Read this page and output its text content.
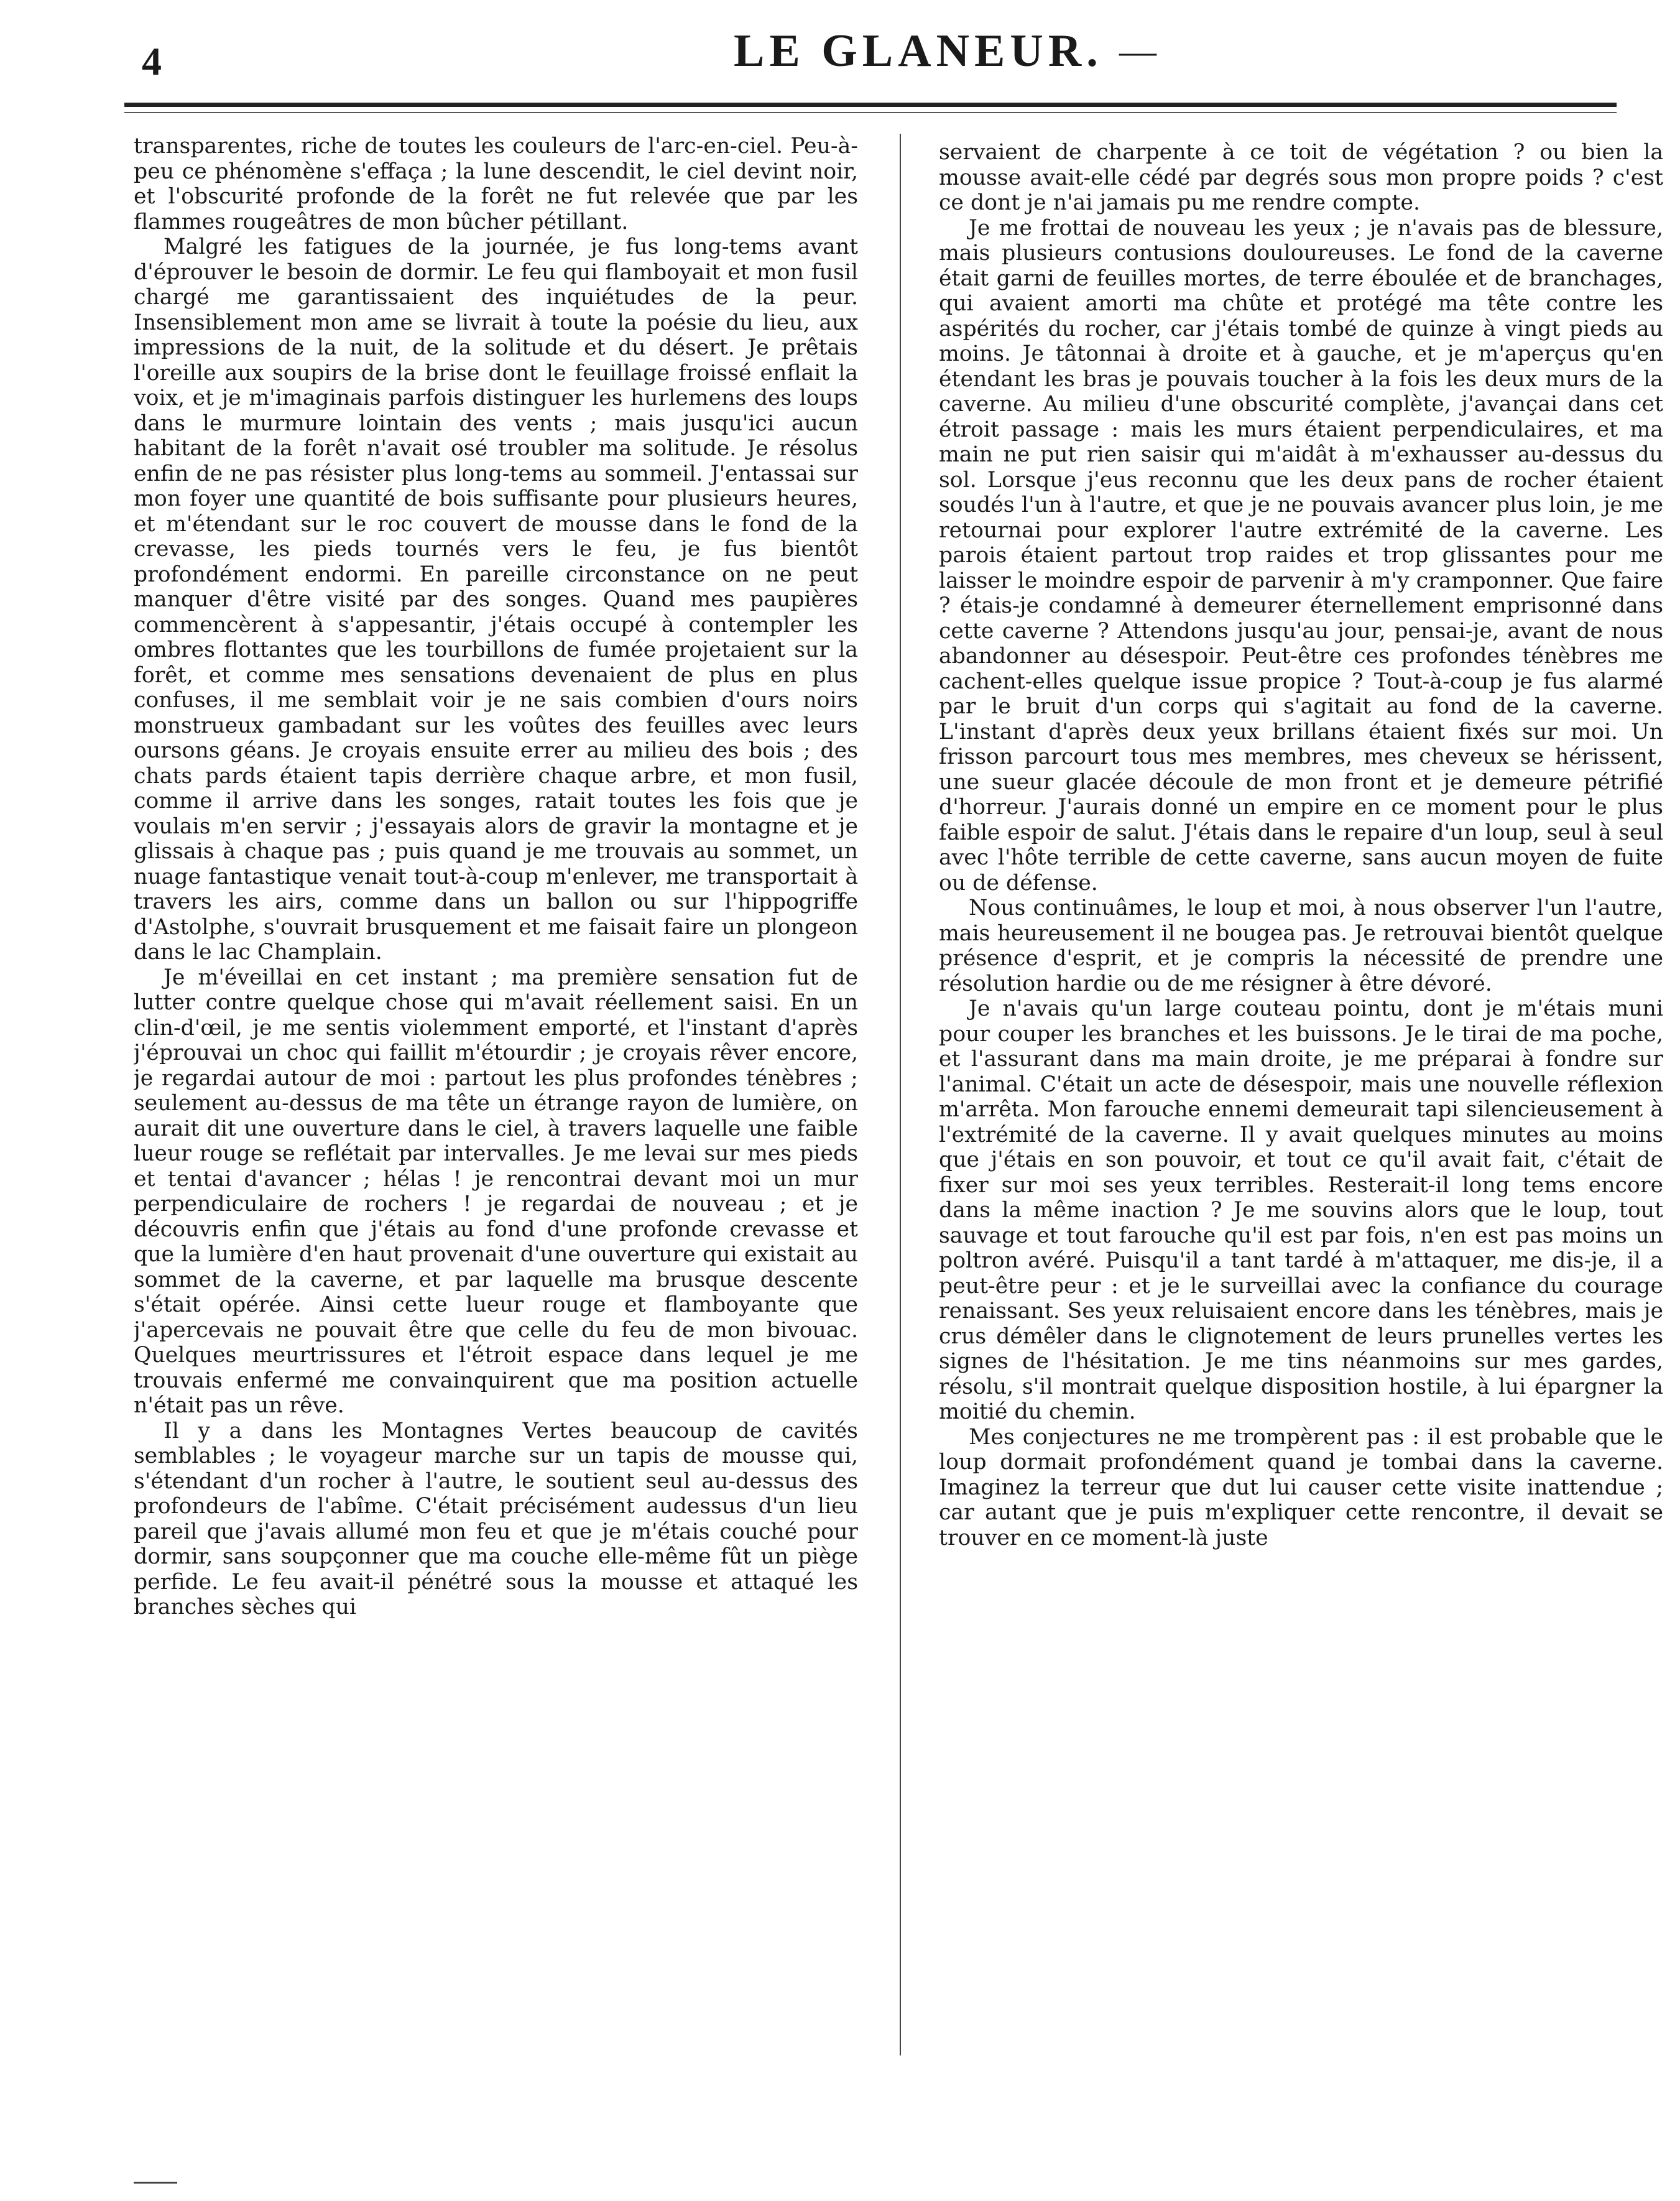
4	LE GLANEUR. —

transparentes, riche de toutes les couleurs de l'arc-en-ciel. Peu-à-peu ce phénomène s'effaça ; la lune descendit, le ciel devint noir, et l'obscurité profonde de la forêt ne fut relevée que par les flammes rougeâtres de mon bûcher pétillant.

Malgré les fatigues de la journée, je fus long-tems avant d'éprouver le besoin de dormir. Le feu qui flamboyait et mon fusil chargé me garantissaient des inquiétudes de la peur. Insensiblement mon ame se livrait à toute la poésie du lieu, aux impressions de la nuit, de la solitude et du désert. Je prêtais l'oreille aux soupirs de la brise dont le feuillage froissé enflait la voix, et je m'imaginais parfois distinguer les hurlemens des loups dans le murmure lointain des vents ; mais jusqu'ici aucun habitant de la forêt n'avait osé troubler ma solitude. Je résolus enfin de ne pas résister plus long-tems au sommeil. J'entassai sur mon foyer une quantité de bois suffisante pour plusieurs heures, et m'étendant sur le roc couvert de mousse dans le fond de la crevasse, les pieds tournés vers le feu, je fus bientôt profondément endormi. En pareille circonstance on ne peut manquer d'être visité par des songes. Quand mes paupières commencèrent à s'appesantir, j'étais occupé à contempler les ombres flottantes que les tourbillons de fumée projetaient sur la forêt, et comme mes sensations devenaient de plus en plus confuses, il me semblait voir je ne sais combien d'ours noirs monstrueux gambadant sur les voûtes des feuilles avec leurs oursons géans. Je croyais ensuite errer au milieu des bois ; des chats pards étaient tapis derrière chaque arbre, et mon fusil, comme il arrive dans les songes, ratait toutes les fois que je voulais m'en servir ; j'essayais alors de gravir la montagne et je glissais à chaque pas ; puis quand je me trouvais au sommet, un nuage fantastique venait tout-à-coup m'enlever, me transportait à travers les airs, comme dans un ballon ou sur l'hippogriffe d'Astolphe, s'ouvrait brusquement et me faisait faire un plongeon dans le lac Champlain.

Je m'éveillai en cet instant ; ma première sensation fut de lutter contre quelque chose qui m'avait réellement saisi. En un clin-d'œil, je me sentis violemment emporté, et l'instant d'après j'éprouvai un choc qui faillit m'étourdir ; je croyais rêver encore, je regardai autour de moi : partout les plus profondes ténèbres ; seulement au-dessus de ma tête un étrange rayon de lumière, on aurait dit une ouverture dans le ciel, à travers laquelle une faible lueur rouge se reflétait par intervalles. Je me levai sur mes pieds et tentai d'avancer ; hélas ! je rencontrai devant moi un mur perpendiculaire de rochers ! je regardai de nouveau ; et je découvris enfin que j'étais au fond d'une profonde crevasse et que la lumière d'en haut provenait d'une ouverture qui existait au sommet de la caverne, et par laquelle ma brusque descente s'était opérée. Ainsi cette lueur rouge et flamboyante que j'apercevais ne pouvait être que celle du feu de mon bivouac. Quelques meurtrissures et l'étroit espace dans lequel je me trouvais enfermé me convainquirent que ma position actuelle n'était pas un rêve.

Il y a dans les Montagnes Vertes beaucoup de cavités semblables ; le voyageur marche sur un tapis de mousse qui, s'étendant d'un rocher à l'autre, le soutient seul au-dessus des profondeurs de l'abîme. C'était précisément audessus d'un lieu pareil que j'avais allumé mon feu et que je m'étais couché pour dormir, sans soupçonner que ma couche elle-même fût un piège perfide. Le feu avait-il pénétré sous la mousse et attaqué les branches sèches qui

servaient de charpente à ce toit de végétation ? ou bien la mousse avait-elle cédé par degrés sous mon propre poids ? c'est ce dont je n'ai jamais pu me rendre compte.

Je me frottai de nouveau les yeux ; je n'avais pas de blessure, mais plusieurs contusions douloureuses. Le fond de la caverne était garni de feuilles mortes, de terre éboulée et de branchages, qui avaient amorti ma chûte et protégé ma tête contre les aspérités du rocher, car j'étais tombé de quinze à vingt pieds au moins. Je tâtonnai à droite et à gauche, et je m'aperçus qu'en étendant les bras je pouvais toucher à la fois les deux murs de la caverne. Au milieu d'une obscurité complète, j'avançai dans cet étroit passage : mais les murs étaient perpendiculaires, et ma main ne put rien saisir qui m'aidât à m'exhausser au-dessus du sol. Lorsque j'eus reconnu que les deux pans de rocher étaient soudés l'un à l'autre, et que je ne pouvais avancer plus loin, je me retournai pour explorer l'autre extrémité de la caverne. Les parois étaient partout trop raides et trop glissantes pour me laisser le moindre espoir de parvenir à m'y cramponner. Que faire ? étais-je condamné à demeurer éternellement emprisonné dans cette caverne ? Attendons jusqu'au jour, pensai-je, avant de nous abandonner au désespoir. Peut-être ces profondes ténèbres me cachent-elles quelque issue propice ? Tout-à-coup je fus alarmé par le bruit d'un corps qui s'agitait au fond de la caverne. L'instant d'après deux yeux brillans étaient fixés sur moi. Un frisson parcourt tous mes membres, mes cheveux se hérissent, une sueur glacée découle de mon front et je demeure pétrifié d'horreur. J'aurais donné un empire en ce moment pour le plus faible espoir de salut. J'étais dans le repaire d'un loup, seul à seul avec l'hôte terrible de cette caverne, sans aucun moyen de fuite ou de défense.

Nous continuâmes, le loup et moi, à nous observer l'un l'autre, mais heureusement il ne bougea pas. Je retrouvai bientôt quelque présence d'esprit, et je compris la nécessité de prendre une résolution hardie ou de me résigner à être dévoré.

Je n'avais qu'un large couteau pointu, dont je m'étais muni pour couper les branches et les buissons. Je le tirai de ma poche, et l'assurant dans ma main droite, je me préparai à fondre sur l'animal. C'était un acte de désespoir, mais une nouvelle réflexion m'arrêta. Mon farouche ennemi demeurait tapi silencieusement à l'extrémité de la caverne. Il y avait quelques minutes au moins que j'étais en son pouvoir, et tout ce qu'il avait fait, c'était de fixer sur moi ses yeux terribles. Resterait-il long tems encore dans la même inaction ? Je me souvins alors que le loup, tout sauvage et tout farouche qu'il est par fois, n'en est pas moins un poltron avéré. Puisqu'il a tant tardé à m'attaquer, me dis-je, il a peut-être peur : et je le surveillai avec la confiance du courage renaissant. Ses yeux reluisaient encore dans les ténèbres, mais je crus démêler dans le clignotement de leurs prunelles vertes les signes de l'hésitation. Je me tins néanmoins sur mes gardes, résolu, s'il montrait quelque disposition hostile, à lui épargner la moitié du chemin.

Mes conjectures ne me trompèrent pas : il est probable que le loup dormait profondément quand je tombai dans la caverne. Imaginez la terreur que dut lui causer cette visite inattendue ; car autant que je puis m'expliquer cette rencontre, il devait se trouver en ce moment-là juste
